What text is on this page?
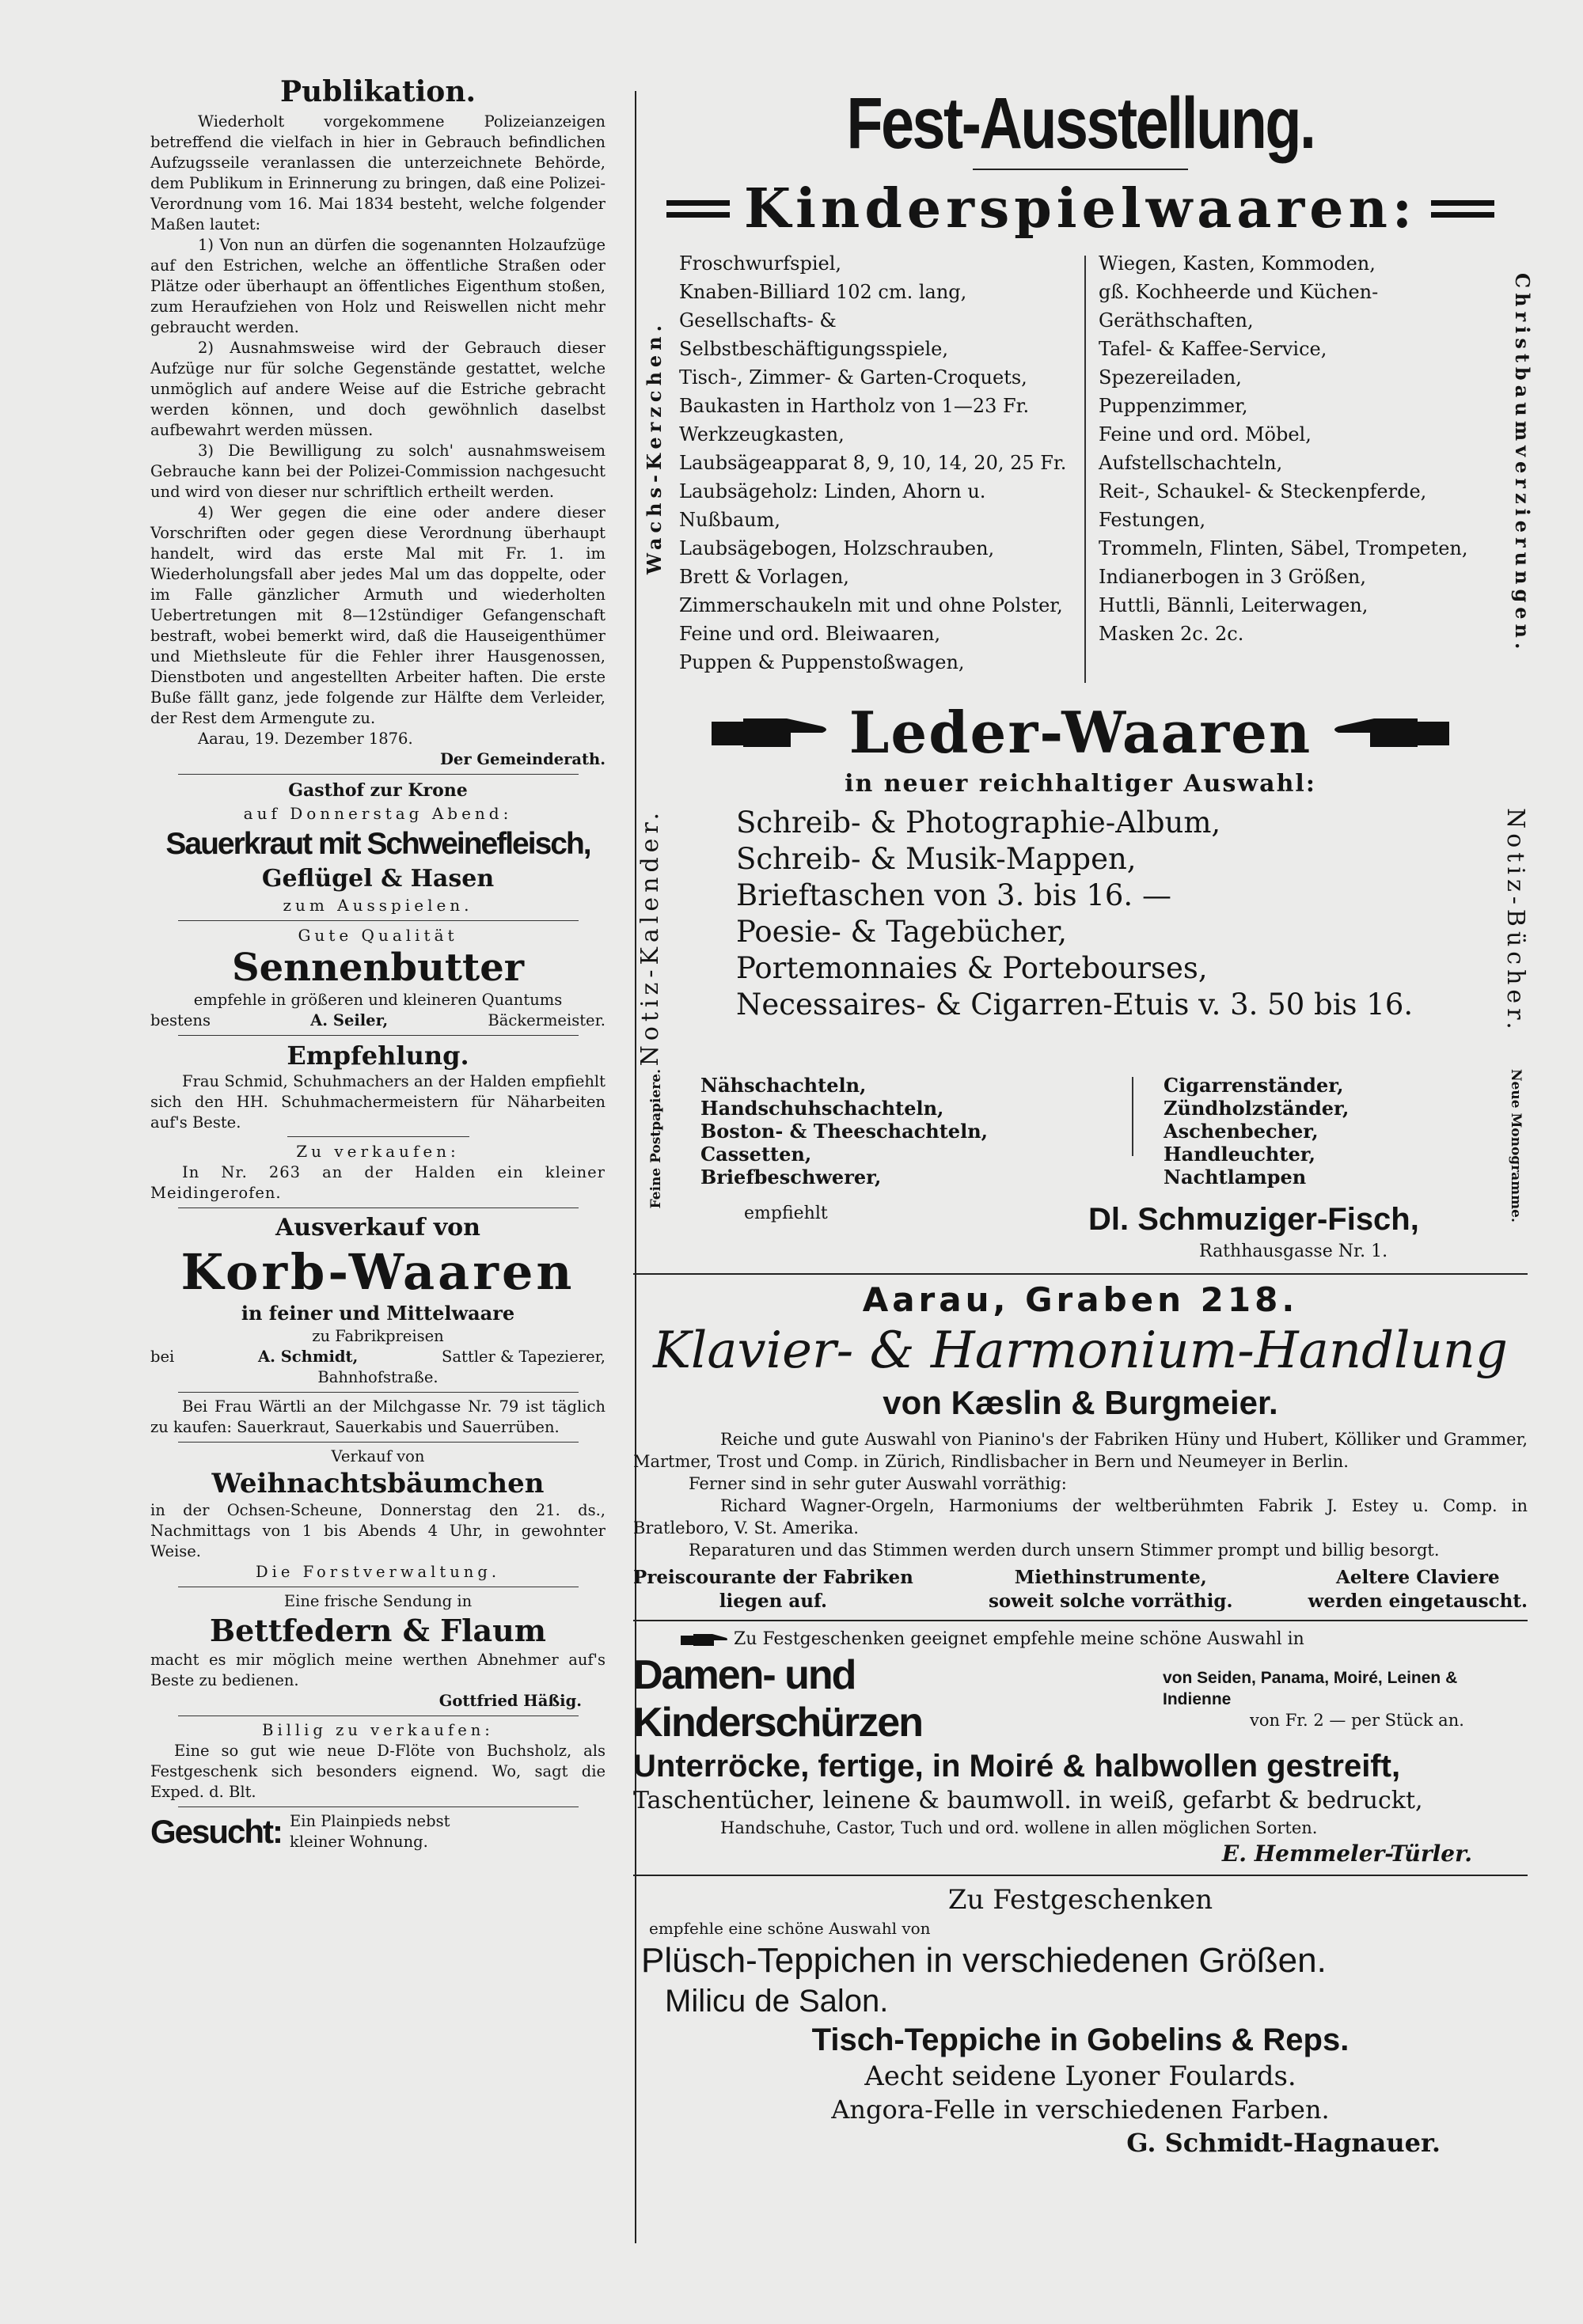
Publikation.

Wiederholt vorgekommene Polizeianzeigen betreffend die vielfach in hier in Gebrauch befindlichen Aufzugsseile veranlassen die unterzeichnete Behörde, dem Publikum in Erinnerung zu bringen, daß eine Polizei-Verordnung vom 16. Mai 1834 besteht, welche folgender Maßen lautet:

1) Von nun an dürfen die sogenannten Holzaufzüge auf den Estrichen, welche an öffentliche Straßen oder Plätze oder überhaupt an öffentliches Eigenthum stoßen, zum Heraufziehen von Holz und Reiswellen nicht mehr gebraucht werden.

2) Ausnahmsweise wird der Gebrauch dieser Aufzüge nur für solche Gegenstände gestattet, welche unmöglich auf andere Weise auf die Estriche gebracht werden können, und doch gewöhnlich daselbst aufbewahrt werden müssen.

3) Die Bewilligung zu solch' ausnahmsweisem Gebrauche kann bei der Polizei-Commission nachgesucht und wird von dieser nur schriftlich ertheilt werden.

4) Wer gegen die eine oder andere dieser Vorschriften oder gegen diese Verordnung überhaupt handelt, wird das erste Mal mit Fr. 1. im Wiederholungsfall aber jedes Mal um das doppelte, oder im Falle gänzlicher Armuth und wiederholten Uebertretungen mit 8—12stündiger Gefangenschaft bestraft, wobei bemerkt wird, daß die Hauseigenthümer und Miethsleute für die Fehler ihrer Hausgenossen, Dienstboten und angestellten Arbeiter haften. Die erste Buße fällt ganz, jede folgende zur Hälfte dem Verleider, der Rest dem Armengute zu.

Aarau, 19. Dezember 1876.

Der Gemeinderath.

Gasthof zur Krone

auf Donnerstag Abend:

Sauerkraut mit Schweinefleisch,

Geflügel & Hasen

zum Ausspielen.

Gute Qualität

Sennenbutter

empfehle in größeren und kleineren Quantums

bestens	A. Seiler,	Bäckermeister.

Empfehlung.

Frau Schmid, Schuhmachers an der Halden empfiehlt sich den HH. Schuhmachermeistern für Näharbeiten auf's Beste.

Zu verkaufen:

In Nr. 263 an der Halden ein kleiner Meidingerofen.

Ausverkauf von

Korb-Waaren

in feiner und Mittelwaare

zu Fabrikpreisen

bei	A. Schmidt,	Sattler & Tapezierer,

Bahnhofstraße.

Bei Frau Wärtli an der Milchgasse Nr. 79 ist täglich zu kaufen: Sauerkraut, Sauerkabis und Sauerrüben.

Verkauf von

Weihnachtsbäumchen

in der Ochsen-Scheune, Donnerstag den 21. ds., Nachmittags von 1 bis Abends 4 Uhr, in gewohnter Weise.

Die Forstverwaltung.

Eine frische Sendung in

Bettfedern & Flaum

macht es mir möglich meine werthen Abnehmer auf's Beste zu bedienen.

Gottfried Häßig.

Billig zu verkaufen:

Eine so gut wie neue D-Flöte von Buchsholz, als Festgeschenk sich besonders eignend. Wo, sagt die Exped. d. Blt.

Gesucht: Ein Plainpieds nebst
kleiner Wohnung.

Fest-Ausstellung.

Kinderspielwaaren:
Wachs-Kerzchen.	Christbaumverzierungen.
Froschwurfspiel,
Knaben-Billiard 102 cm. lang,
Gesellschafts- & Selbstbeschäftigungsspiele,
Tisch-, Zimmer- & Garten-Croquets,
Baukasten in Hartholz von 1—23 Fr.
Werkzeugkasten,
Laubsägeapparat 8, 9, 10, 14, 20, 25 Fr.
Laubsägeholz: Linden, Ahorn u. Nußbaum,
Laubsägebogen, Holzschrauben,
Brett & Vorlagen,
Zimmerschaukeln mit und ohne Polster,
Feine und ord. Bleiwaaren,
Puppen & Puppenstoßwagen,
Wiegen, Kasten, Kommoden,
gß. Kochheerde und Küchen-Geräthschaften,
Tafel- & Kaffee-Service,
Spezereiladen,
Puppenzimmer,
Feine und ord. Möbel,
Aufstellschachteln,
Reit-, Schaukel- & Steckenpferde,
Festungen,
Trommeln, Flinten, Säbel, Trompeten,
Indianerbogen in 3 Größen,
Huttli, Bännli, Leiterwagen,
Masken 2c. 2c.
Leder-Waaren

in neuer reichhaltiger Auswahl:

Notiz-Kalender.	Notiz-Bücher.
Schreib- & Photographie-Album,
Schreib- & Musik-Mappen,
Brieftaschen von 3. bis 16. —
Poesie- & Tagebücher,
Portemonnaies & Portebourses,
Necessaires- & Cigarren-Etuis v. 3. 50 bis 16.
Feine Postpapiere.	Neue Monogramme.
Nähschachteln,
Handschuhschachteln,
Boston- & Theeschachteln,
Cassetten,
Briefbeschwerer,
Cigarrenständer,
Zündholzständer,
Aschenbecher,
Handleuchter,
Nachtlampen

empfiehlt	Dl. Schmuziger-Fisch,

Rathhausgasse Nr. 1.

Aarau, Graben 218.

Klavier- & Harmonium-Handlung

von Kæslin & Burgmeier.

Reiche und gute Auswahl von Pianino's der Fabriken Hüny und Hubert, Kölliker und Grammer, Martmer, Trost und Comp. in Zürich, Rindlisbacher in Bern und Neumeyer in Berlin.

Ferner sind in sehr guter Auswahl vorräthig:

Richard Wagner-Orgeln, Harmoniums der weltberühmten Fabrik J. Estey u. Comp. in Bratleboro, V. St. Amerika.

Reparaturen und das Stimmen werden durch unsern Stimmer prompt und billig besorgt.

Preiscourante der Fabriken

liegen auf.

Miethinstrumente,

soweit solche vorräthig.

Aeltere Claviere

werden eingetauscht.

Zu Festgeschenken geeignet empfehle meine schöne Auswahl in

Damen- und Kinderschürzen
von Seiden, Panama, Moiré, Leinen & Indienne
von Fr. 2 — per Stück an.

Unterröcke, fertige, in Moiré & halbwollen gestreift,

Taschentücher, leinene & baumwoll. in weiß, gefarbt & bedruckt,

Handschuhe, Castor, Tuch und ord. wollene in allen möglichen Sorten.

E. Hemmeler-Türler.

Zu Festgeschenken

empfehle eine schöne Auswahl von

Plüsch-Teppichen in verschiedenen Größen.

Milicu de Salon.

Tisch-Teppiche in Gobelins & Reps.

Aecht seidene Lyoner Foulards.

Angora-Felle in verschiedenen Farben.

G. Schmidt-Hagnauer.
